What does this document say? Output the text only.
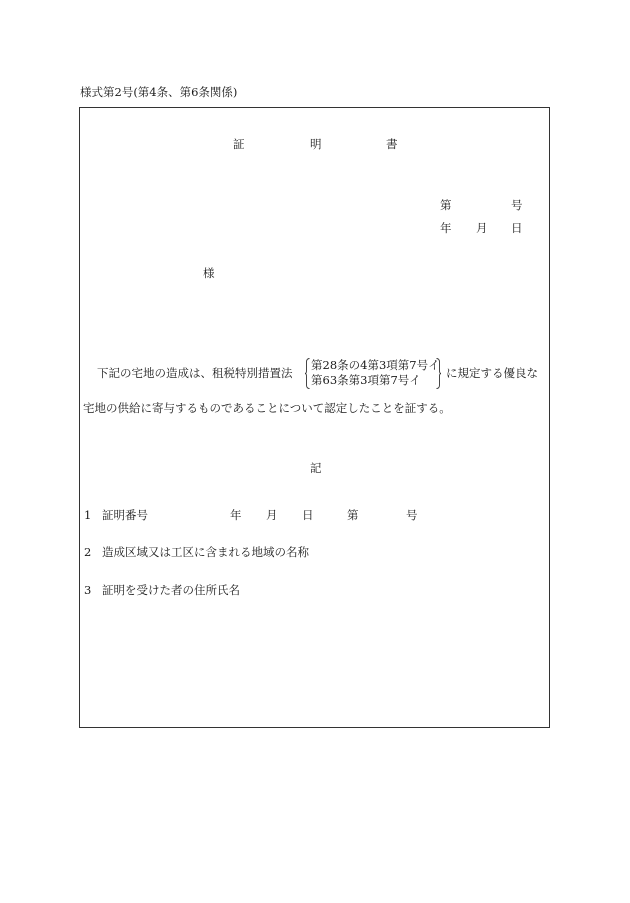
様式第2号(第4条、第6条関係)
証	明	書
第	号
年 月 日
様
下記の宅地の造成は、租税特別措置法
第28条の4第3項第7号イ
第63条第3項第7号イ に規定する優良な
宅地の供給に寄与するものであることについて認定したことを証する。
記
1 証明番号	年 月 日	第	号
2 造成区域又は工区に含まれる地域の名称
3 証明を受けた者の住所氏名
